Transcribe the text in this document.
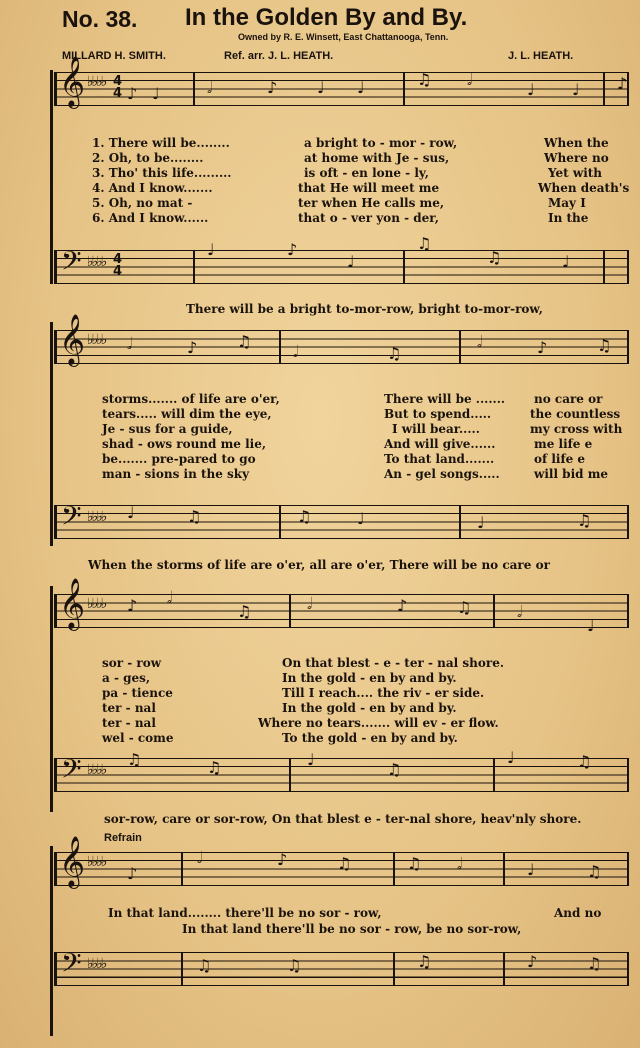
No. 38. In the Golden By and By.
Owned by R. E. Winsett, East Chattanooga, Tenn.
MILLARD H. SMITH.	Ref. arr. J. L. HEATH.	J. L. HEATH.
𝄞 ♭♭♭♭ 4
4 ♪ ♩	𝅗𝅥	♪ ♩ ♩	♫ 𝅗𝅥
♩ ♩ ♪
1. There will be........	a bright to - mor - row,	When the
2. Oh, to be........	at home with Je - sus,	Where no
3. Tho' this life.........	is oft - en lone - ly,	Yet with
4. And I know.......	that He will meet me	When death's
5. Oh, no mat -	ter when He calls me,	May I
6. And I know......	that o - ver yon - der,	In the
𝄢 ♭♭♭♭ 4
4
♩	♪
♩
♫
♫	♩
There will be a bright to-mor-row, bright to-mor-row,
𝄞 ♭♭♭♭ 𝅗𝅥	♪ ♫
𝅗𝅥	♫
𝅗𝅥	♪	♫
storms....... of life are o'er,	There will be ....... no care or
tears..... will dim the eye,	But to spend.....	the countless
Je - sus for a guide,	I will bear.....	my cross with
shad - ows round me lie,	And will give......	me life e
be....... pre-pared to go	To that land.......	of life e
man - sions in the sky	An - gel songs.....	will bid me
𝄢 ♭♭♭♭ ♩	♫	♫	♩	♩	♫
When the storms of life are o'er, all are o'er, There will be no care or
𝄞 ♭♭♭♭ ♪ 𝅗𝅥
♫	𝅗𝅥	♪	♫	𝅗𝅥
♩
sor - row	On that blest - e - ter - nal shore.
a - ges,	In the gold - en by and by.
pa - tience	Till I reach.... the riv - er side.
ter - nal	In the gold - en by and by.
ter - nal	Where no tears....... will ev - er flow.
wel - come	To the gold - en by and by.
𝄢 ♭♭♭♭
♫	♫	♩
♫
♩	♫
sor-row, care or sor-row, On that blest e - ter-nal shore, heav'nly shore.
Refrain
𝄞 ♭♭♭♭
♪
𝅗𝅥	♪	♫	♫ 𝅗𝅥	♩	♫
In that land........ there'll be no sor - row,	And no
In that land there'll be no sor - row, be no sor-row,
𝄢 ♭♭♭♭	♫	♫	♫	♪	♫
